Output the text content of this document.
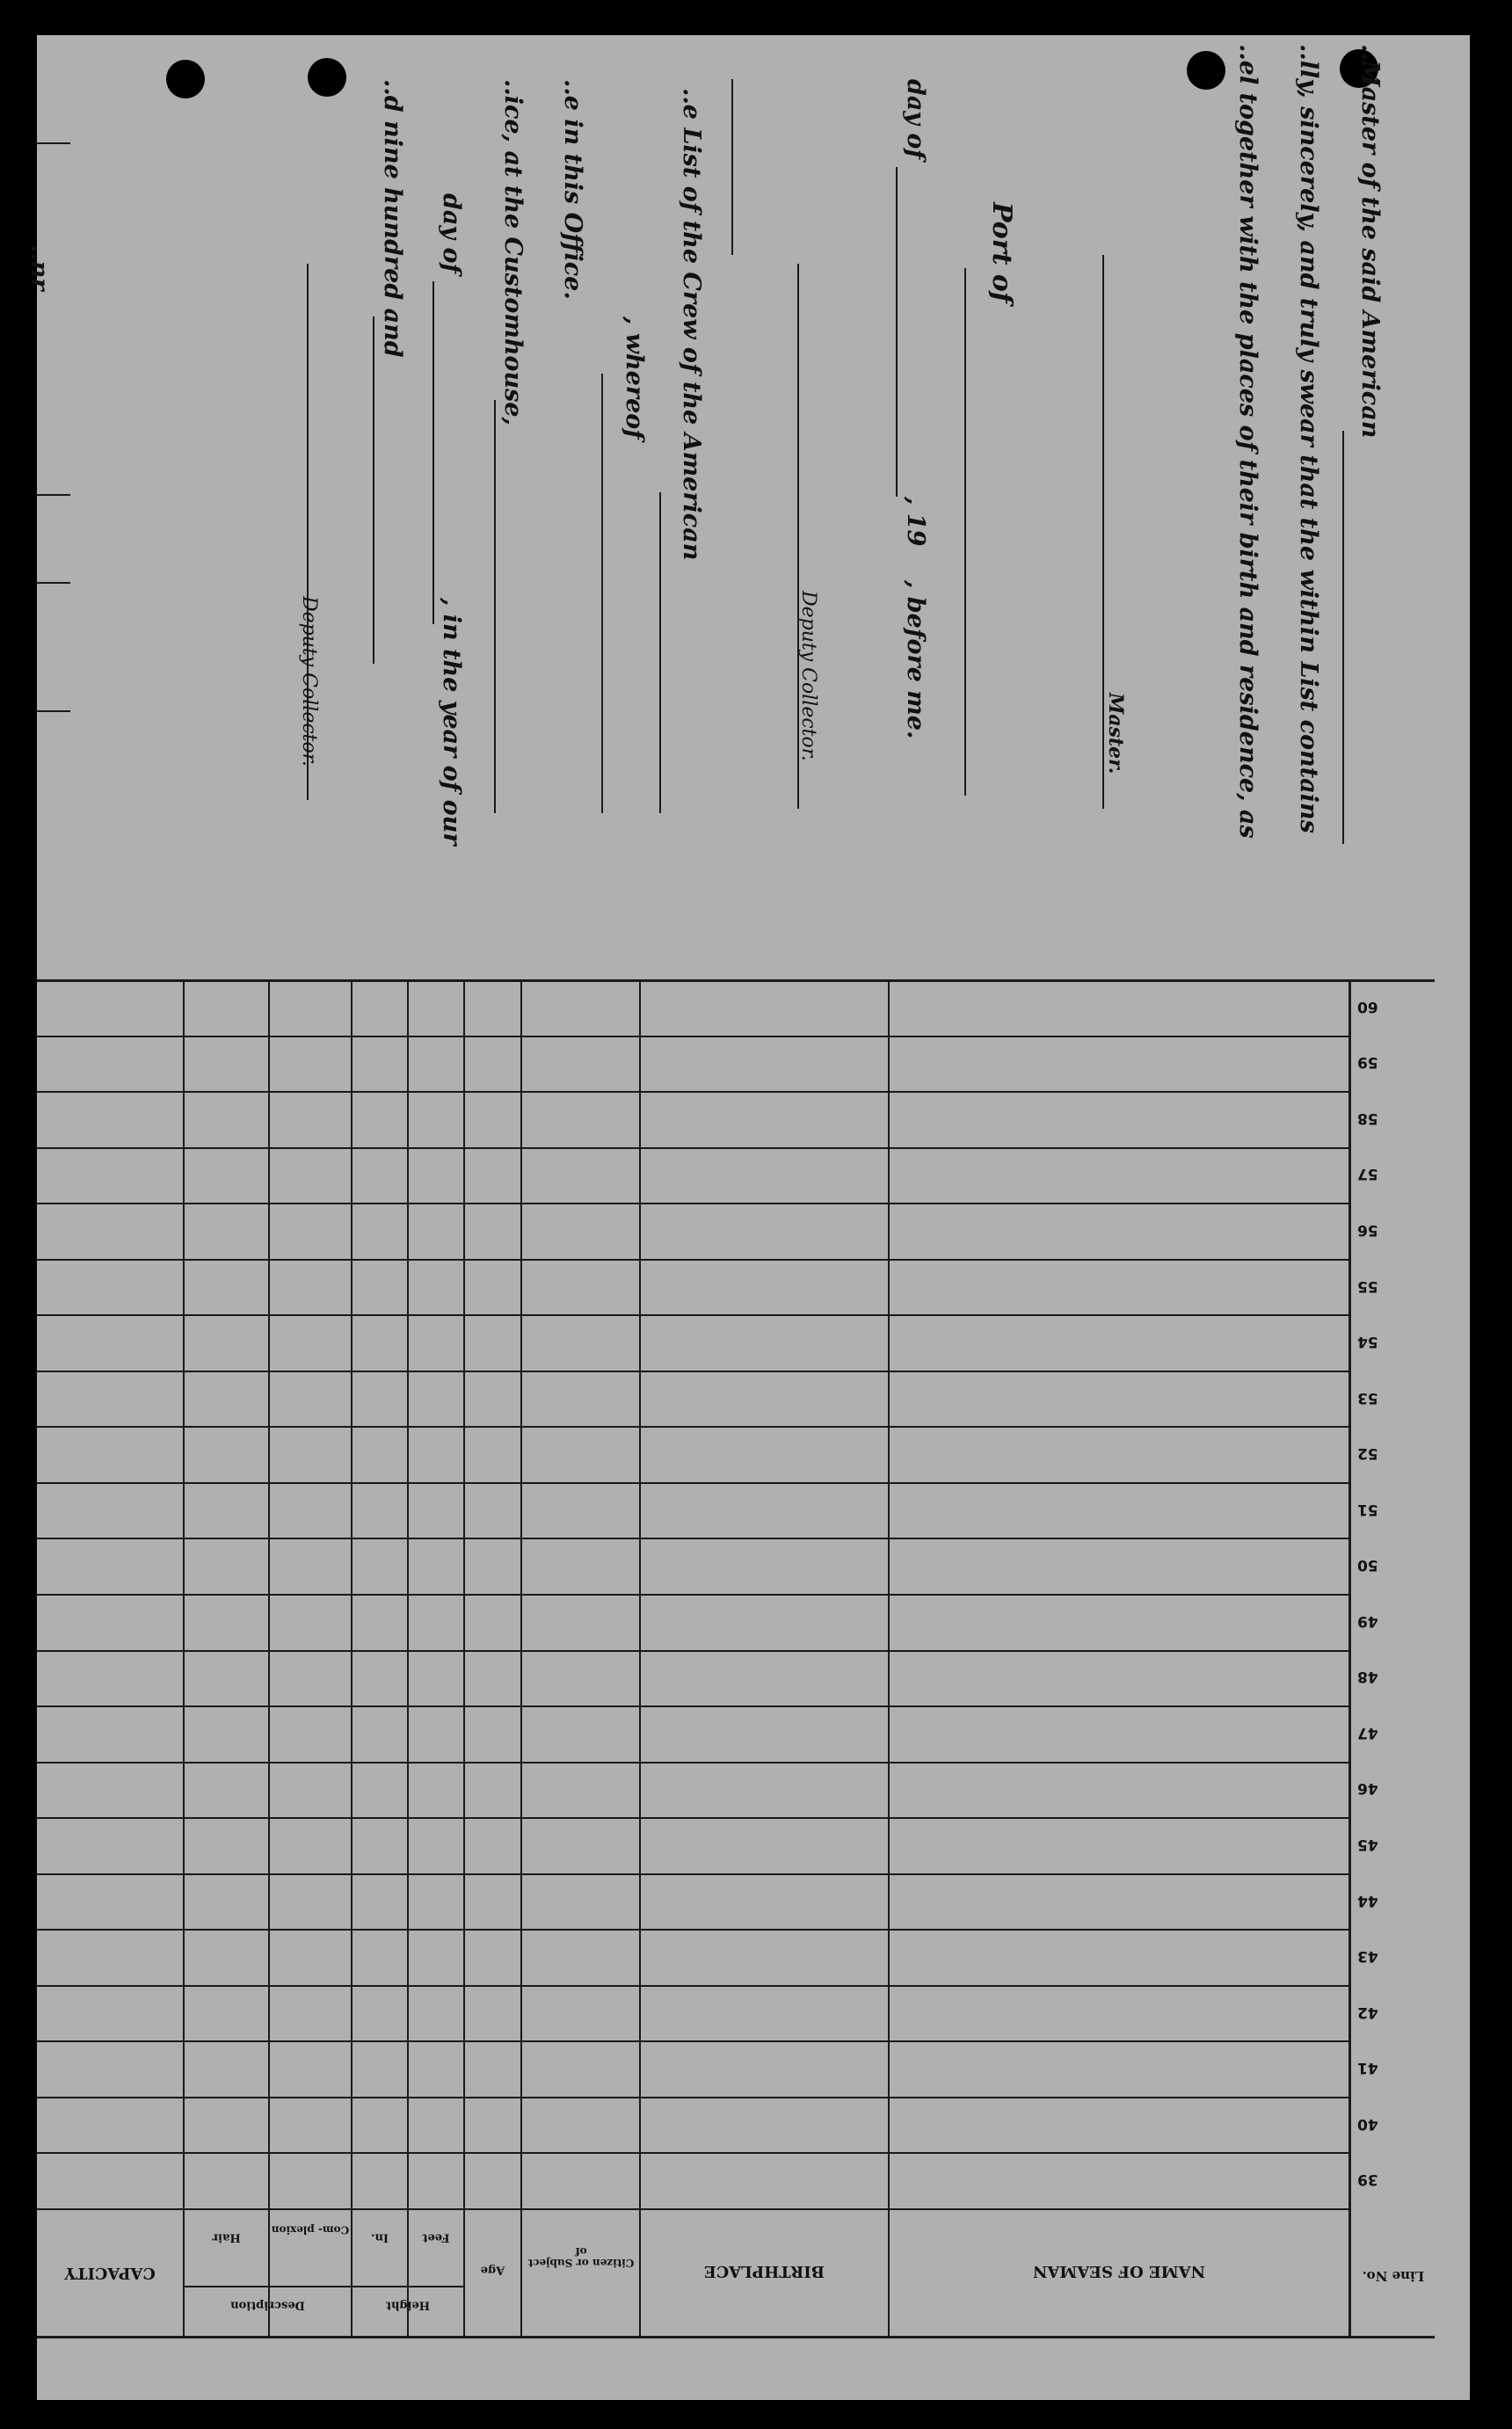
..Master of the said American
..lly, sincerely, and truly swear that the within List contains
..el together with the places of their birth and residence, as
Master.
Port of
day of
, 19
, before me.
Deputy Collector.
..e List of the Crew of the American
, whereof
..e in this Office.
..ice, at the Customhouse,
day of
, in the year of our
..d nine hundred and
Deputy Collector.
..nr
Line No.
NAME OF SEAMAN
BIRTHPLACE
Citizen or Subject of
Age
Height
Feet
In.
Description
Com- plexion
Hair
CAPACITY
39
40
41
42
43
44
45
46
47
48
49
50
51
52
53
54
55
56
57
58
59
60
